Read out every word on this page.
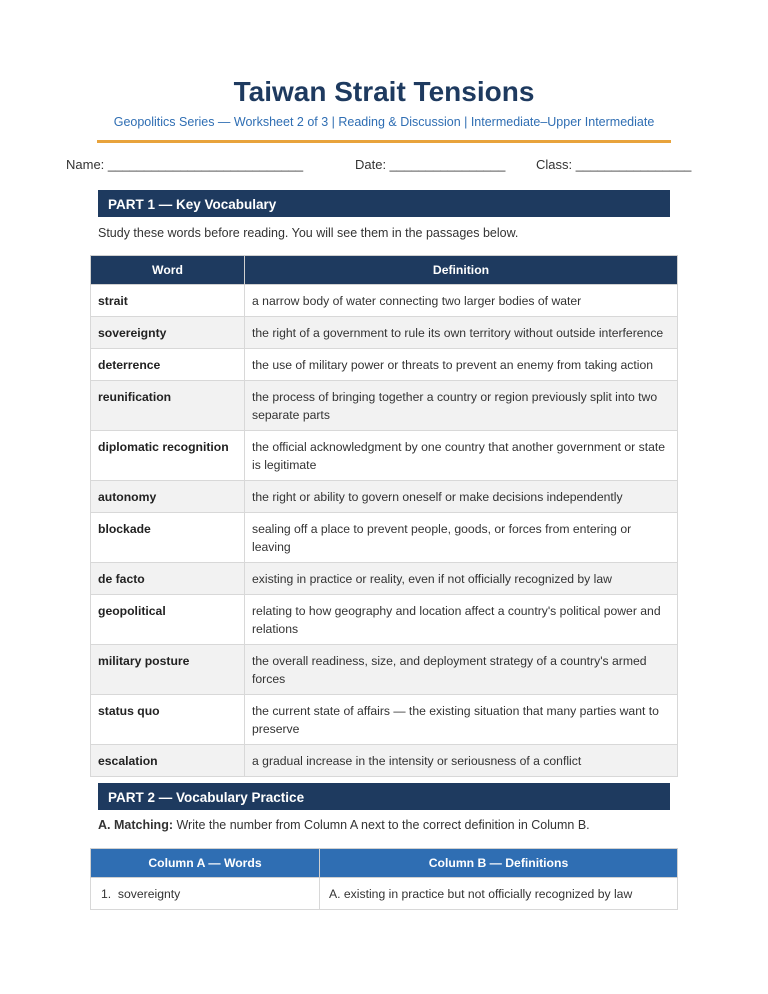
Taiwan Strait Tensions
Geopolitics Series — Worksheet 2 of 3 | Reading & Discussion | Intermediate–Upper Intermediate
Name: ___________________________	Date: ________________ Class: ________________
PART 1 — Key Vocabulary
Study these words before reading. You will see them in the passages below.
Word	Definition
strait	a narrow body of water connecting two larger bodies of water
sovereignty	the right of a government to rule its own territory without outside interference
deterrence	the use of military power or threats to prevent an enemy from taking action
reunification	the process of bringing together a country or region previously split into two separate parts
diplomatic recognition	the official acknowledgment by one country that another government or state is legitimate
autonomy	the right or ability to govern oneself or make decisions independently
blockade	sealing off a place to prevent people, goods, or forces from entering or leaving
de facto	existing in practice or reality, even if not officially recognized by law
geopolitical	relating to how geography and location affect a country's political power and relations
military posture	the overall readiness, size, and deployment strategy of a country's armed forces
status quo	the current state of affairs — the existing situation that many parties want to preserve
escalation	a gradual increase in the intensity or seriousness of a conflict
PART 2 — Vocabulary Practice
A. Matching: Write the number from Column A next to the correct definition in Column B.
Column A — Words	Column B — Definitions
1.  sovereignty	A. existing in practice but not officially recognized by law
